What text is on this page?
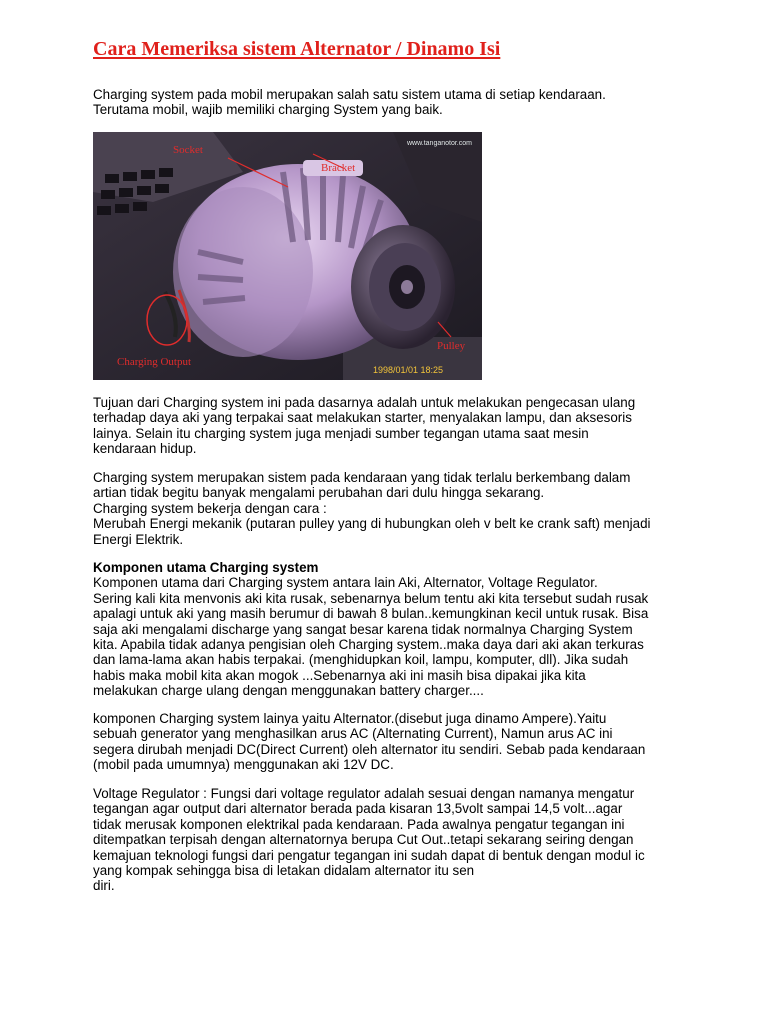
Cara Memeriksa sistem Alternator / Dinamo Isi
Charging system pada mobil merupakan salah satu sistem utama di setiap kendaraan.
Terutama mobil, wajib memiliki charging System yang baik.
Socket
Bracket
Charging Output
Pulley
www.tanganotor.com
1998/01/01 18:25
Tujuan dari Charging system ini pada dasarnya adalah untuk melakukan pengecasan ulang
terhadap daya aki yang terpakai saat melakukan starter, menyalakan lampu, dan aksesoris
lainya. Selain itu charging system juga menjadi sumber tegangan utama saat mesin
kendaraan hidup.
Charging system merupakan sistem pada kendaraan yang tidak terlalu berkembang dalam
artian tidak begitu banyak mengalami perubahan dari dulu hingga sekarang.
Charging system bekerja dengan cara :
Merubah Energi mekanik (putaran pulley yang di hubungkan oleh v belt ke crank saft) menjadi
Energi Elektrik.
Komponen utama Charging system
Komponen utama dari Charging system antara lain Aki, Alternator, Voltage Regulator.
Sering kali kita menvonis aki kita rusak, sebenarnya belum tentu aki kita tersebut sudah rusak
apalagi untuk aki yang masih berumur di bawah 8 bulan..kemungkinan kecil untuk rusak. Bisa
saja aki mengalami discharge yang sangat besar karena tidak normalnya Charging System
kita. Apabila tidak adanya pengisian oleh Charging system..maka daya dari aki akan terkuras
dan lama-lama akan habis terpakai. (menghidupkan koil, lampu, komputer, dll). Jika sudah
habis maka mobil kita akan mogok ...Sebenarnya aki ini masih bisa dipakai jika kita
melakukan charge ulang dengan menggunakan battery charger....
komponen Charging system lainya yaitu Alternator.(disebut juga dinamo Ampere).Yaitu
sebuah generator yang menghasilkan arus AC (Alternating Current), Namun arus AC ini
segera dirubah menjadi DC(Direct Current) oleh alternator itu sendiri. Sebab pada kendaraan
(mobil pada umumnya) menggunakan aki 12V DC.
Voltage Regulator : Fungsi dari voltage regulator adalah sesuai dengan namanya mengatur
tegangan agar output dari alternator berada pada kisaran 13,5volt sampai 14,5 volt...agar
tidak merusak komponen elektrikal pada kendaraan. Pada awalnya pengatur tegangan ini
ditempatkan terpisah dengan alternatornya berupa Cut Out..tetapi sekarang seiring dengan
kemajuan teknologi fungsi dari pengatur tegangan ini sudah dapat di bentuk dengan modul ic
yang kompak sehingga bisa di letakan didalam alternator itu sen
diri.
